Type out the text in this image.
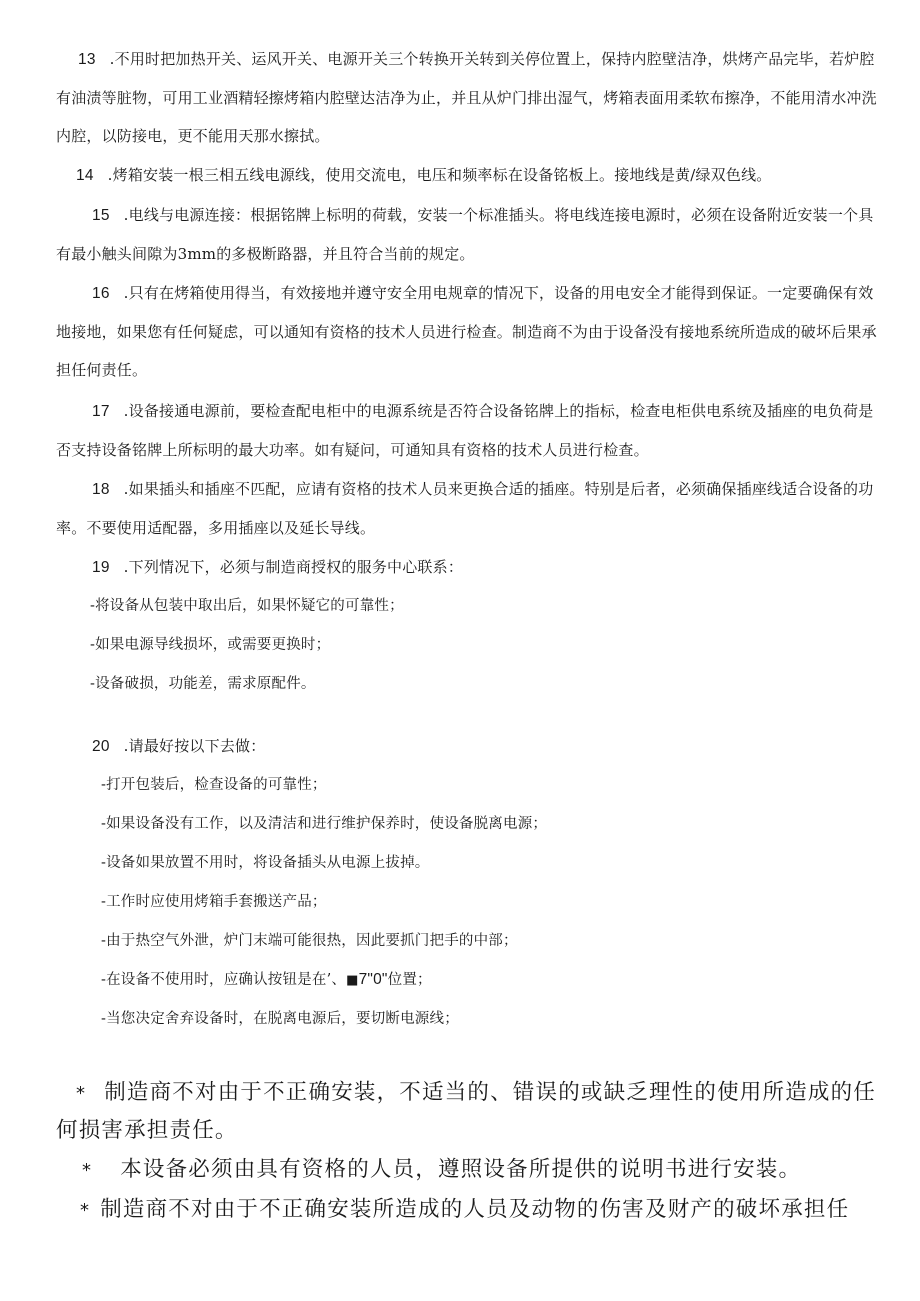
13 .不用时把加热开关、运风开关、电源开关三个转换开关转到关停位置上，保持内腔壁洁净，烘烤产品完毕，若炉腔有油渍等脏物，可用工业酒精轻擦烤箱内腔壁达洁净为止，并且从炉门排出湿气，烤箱表面用柔软布擦净，不能用清水冲洗内腔，以防接电，更不能用天那水擦拭。
14 .烤箱安装一根三相五线电源线，使用交流电，电压和频率标在设备铭板上。接地线是黄/绿双色线。
15 .电线与电源连接：根据铭牌上标明的荷载，安装一个标准插头。将电线连接电源时，必须在设备附近安装一个具有最小触头间隙为3mm的多极断路器，并且符合当前的规定。
16 .只有在烤箱使用得当，有效接地并遵守安全用电规章的情况下，设备的用电安全才能得到保证。一定要确保有效地接地，如果您有任何疑虑，可以通知有资格的技术人员进行检查。制造商不为由于设备没有接地系统所造成的破坏后果承担任何责任。
17 .设备接通电源前，要检查配电柜中的电源系统是否符合设备铭牌上的指标，检查电柜供电系统及插座的电负荷是否支持设备铭牌上所标明的最大功率。如有疑问，可通知具有资格的技术人员进行检查。
18 .如果插头和插座不匹配，应请有资格的技术人员来更换合适的插座。特别是后者，必须确保插座线适合设备的功率。不要使用适配器，多用插座以及延长导线。
19 .下列情况下，必须与制造商授权的服务中心联系：
-将设备从包装中取出后，如果怀疑它的可靠性；
-如果电源导线损坏，或需要更换时；
-设备破损，功能差，需求原配件。
20 .请最好按以下去做：
-打开包装后，检查设备的可靠性；
-如果设备没有工作，以及清洁和进行维护保养时，使设备脱离电源；
-设备如果放置不用时，将设备插头从电源上拔掉。
-工作时应使用烤箱手套搬送产品；
-由于热空气外泄，炉门末端可能很热，因此要抓门把手的中部；
-在设备不使用时，应确认按钮是在’、■7"0"位置；
-当您决定舍弃设备时，在脱离电源后，要切断电源线；
* 制造商不对由于不正确安装，不适当的、错误的或缺乏理性的使用所造成的任何损害承担责任。
* 本设备必须由具有资格的人员，遵照设备所提供的说明书进行安装。
* 制造商不对由于不正确安装所造成的人员及动物的伤害及财产的破坏承担任
